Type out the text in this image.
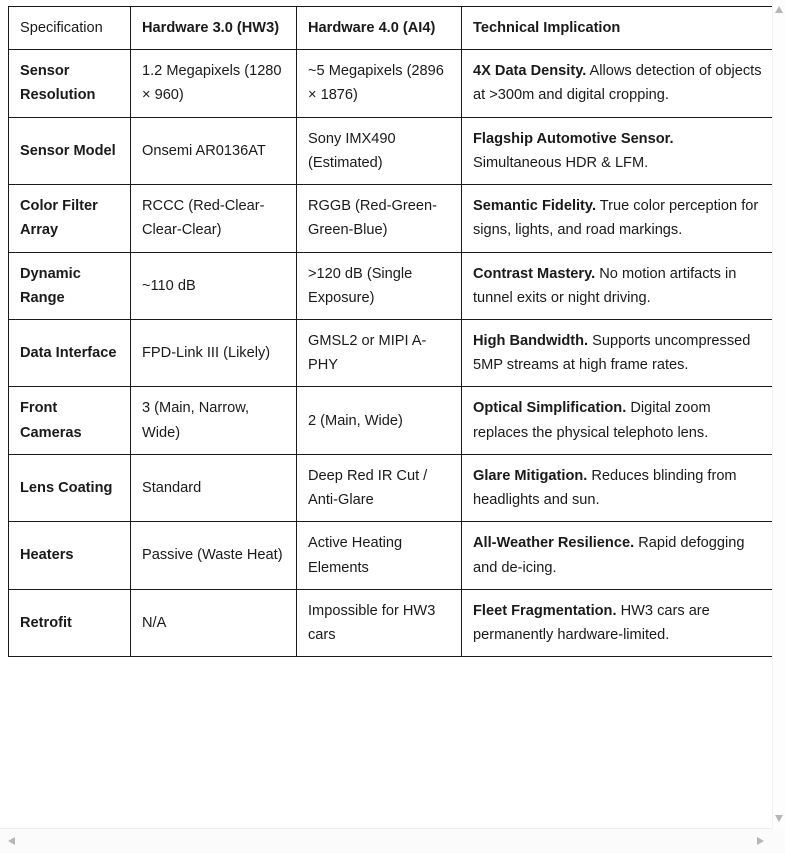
Specification	Hardware 3.0 (HW3)	Hardware 4.0 (AI4)	Technical Implication
Sensor Resolution	1.2 Megapixels (1280 × 960)	~5 Megapixels (2896 × 1876)	4X Data Density. Allows detection of objects at >300m and digital cropping.
Sensor Model	Onsemi AR0136AT	Sony IMX490 (Estimated)	Flagship Automotive Sensor. Simultaneous HDR & LFM.
Color Filter Array	RCCC (Red-Clear-Clear-Clear)	RGGB (Red-Green-Green-Blue)	Semantic Fidelity. True color perception for signs, lights, and road markings.
Dynamic Range	~110 dB	>120 dB (Single Exposure)	Contrast Mastery. No motion artifacts in tunnel exits or night driving.
Data Interface	FPD-Link III (Likely)	GMSL2 or MIPI A-PHY	High Bandwidth. Supports uncompressed 5MP streams at high frame rates.
Front Cameras	3 (Main, Narrow, Wide)	2 (Main, Wide)	Optical Simplification. Digital zoom replaces the physical telephoto lens.
Lens Coating	Standard	Deep Red IR Cut / Anti-Glare	Glare Mitigation. Reduces blinding from headlights and sun.
Heaters	Passive (Waste Heat)	Active Heating Elements	All-Weather Resilience. Rapid defogging and de-icing.
Retrofit	N/A	Impossible for HW3 cars	Fleet Fragmentation. HW3 cars are permanently hardware-limited.
